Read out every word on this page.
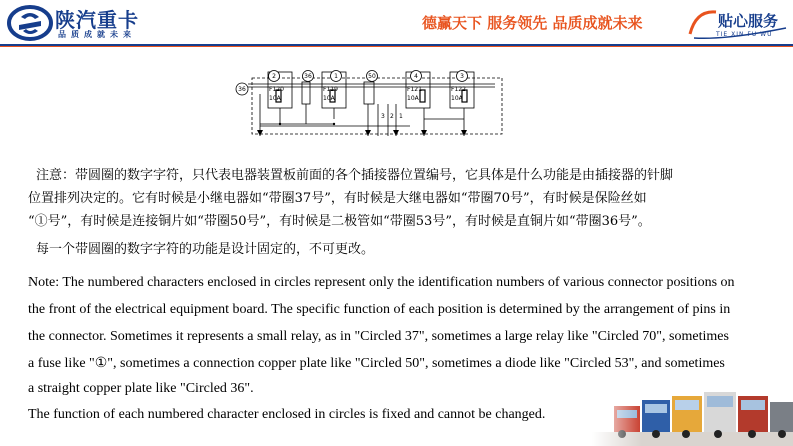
陕汽重卡
品质成就未来
德赢天下 服务领先 品质成就未来	贴心服务
TIE XIN FU WU
36
2	36	1	50	4	3
F120
10A
F119
10A
F121
10A
F122
10A
3 2 1
注意：带圆圈的数字字符，只代表电器装置板前面的各个插接器位置编号，它具体是什么功能是由插接器的针脚
位置排列决定的。它有时候是小继电器如“带圈37号”，有时候是大继电器如“带圈70号”，有时候是保险丝如
“①号”，有时候是连接铜片如“带圈50号”，有时候是二极管如“带圈53号”，有时候是直铜片如“带圈36号”。
每一个带圆圈的数字字符的功能是设计固定的，不可更改。
Note: The numbered characters enclosed in circles represent only the identification numbers of various connector positions on
the front of the electrical equipment board. The specific function of each position is determined by the arrangement of pins in
the connector. Sometimes it represents a small relay, as in "Circled 37", sometimes a large relay like "Circled 70", sometimes
a fuse like "①", sometimes a connection copper plate like "Circled 50", sometimes a diode like "Circled 53", and sometimes
a straight copper plate like "Circled 36".
The function of each numbered character enclosed in circles is fixed and cannot be changed.
